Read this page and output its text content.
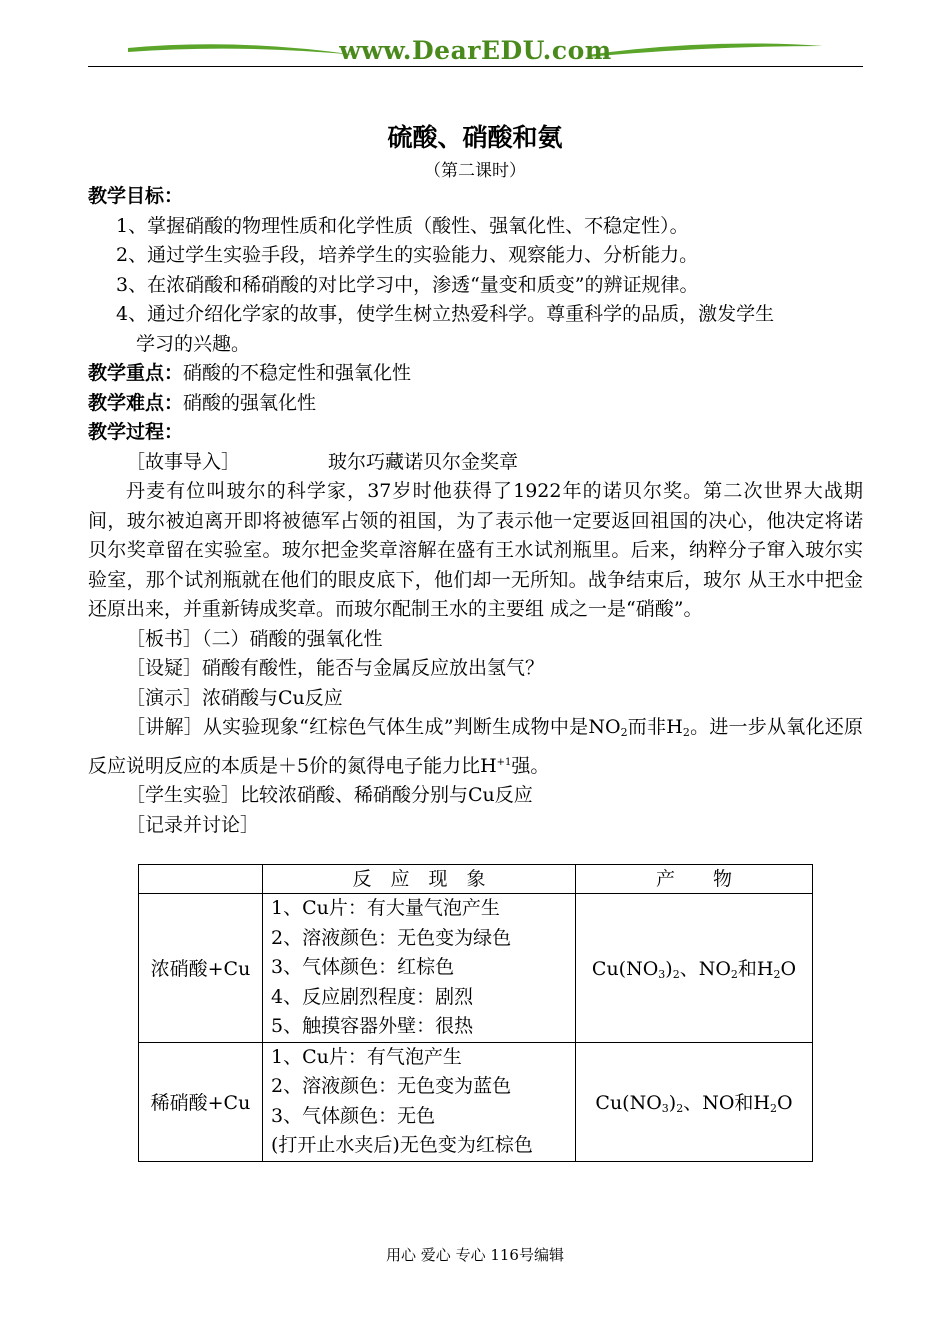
www.DearEDU.com
硫酸、硝酸和氨
（第二课时）

教学目标：

1、掌握硝酸的物理性质和化学性质（酸性、强氧化性、不稳定性）。

2、通过学生实验手段，培养学生的实验能力、观察能力、分析能力。

3、在浓硝酸和稀硝酸的对比学习中，渗透“量变和质变”的辨证规律。

4、通过介绍化学家的故事，使学生树立热爱科学。尊重科学的品质，激发学生

学习的兴趣。

教学重点：硝酸的不稳定性和强氧化性

教学难点：硝酸的强氧化性

教学过程：

［故事导入］	玻尔巧藏诺贝尔金奖章

丹麦有位叫玻尔的科学家，37岁时他获得了1922年的诺贝尔奖。第二次世界大战期间，玻尔被迫离开即将被德军占领的祖国，为了表示他一定要返回祖国的决心，他决定将诺贝尔奖章留在实验室。玻尔把金奖章溶解在盛有王水试剂瓶里。后来，纳粹分子窜入玻尔实验室，那个试剂瓶就在他们的眼皮底下，他们却一无所知。战争结束后，玻尔 从王水中把金还原出来，并重新铸成奖章。而玻尔配制王水的主要组 成之一是“硝酸”。

［板书］（二）硝酸的强氧化性

［设疑］硝酸有酸性，能否与金属反应放出氢气？

［演示］浓硝酸与Cu反应

［讲解］从实验现象“红棕色气体生成”判断生成物中是$NO_2$而非$H_2$。进一步从氧化还原反应说明反应的本质是＋5价的氮得电子能力比$H^{+1}$强。

［学生实验］比较浓硝酸、稀硝酸分别与Cu反应

［记录并讨论］

	反　应　现　象	产　　物
浓硝酸+Cu	1、Cu片：有大量气泡产生
2、溶液颜色：无色变为绿色
3、气体颜色：红棕色
4、反应剧烈程度：剧烈
5、触摸容器外壁：很热	$Cu(NO_3)_2$、$NO_2$和$H_2O$
稀硝酸+Cu	1、Cu片：有气泡产生
2、溶液颜色：无色变为蓝色
3、气体颜色：无色
(打开止水夹后)无色变为红棕色	$Cu(NO_3)_2$、NO和$H_2O$
用心 爱心 专心 116号编辑
